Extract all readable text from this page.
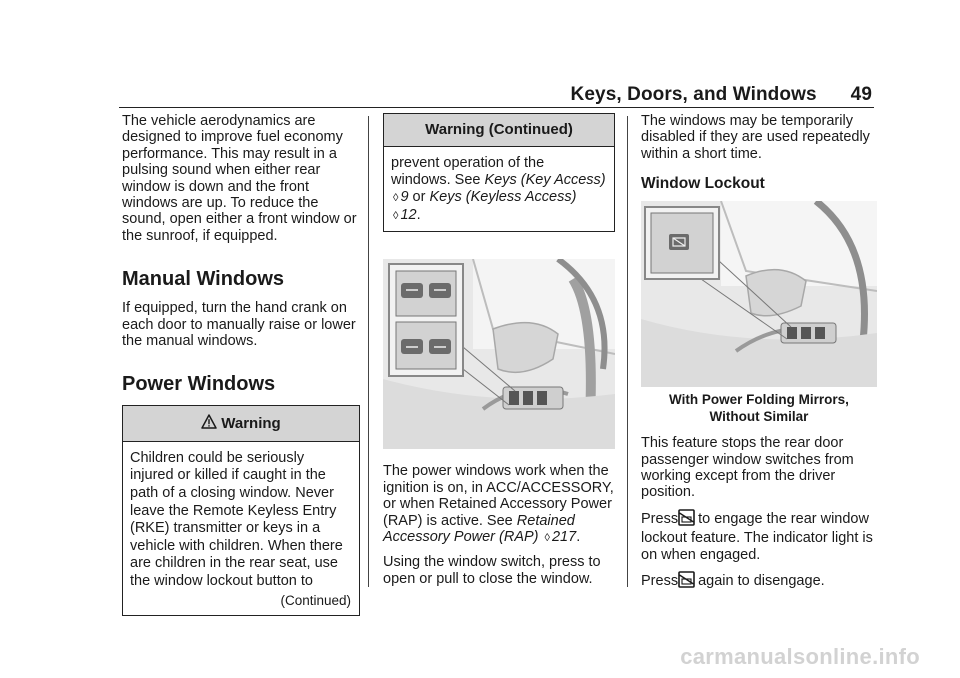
Keys, Doors, and Windows 49

The vehicle aerodynamics are designed to improve fuel economy performance. This may result in a pulsing sound when either rear window is down and the front windows are up. To reduce the sound, open either a front window or the sunroof, if equipped.

Manual Windows

If equipped, turn the hand crank on each door to manually raise or lower the manual windows.

Power Windows
Warning
Children could be seriously injured or killed if caught in the path of a closing window. Never leave the Remote Keyless Entry (RKE) transmitter or keys in a vehicle with children. When there are children in the rear seat, use the window lockout button to
(Continued)
Warning (Continued)
prevent operation of the windows. See Keys (Key Access) ◊ 9 or Keys (Keyless Access) ◊ 12.

The power windows work when the ignition is on, in ACC/ACCESSORY, or when Retained Accessory Power (RAP) is active. See Retained Accessory Power (RAP) ◊ 217.

Using the window switch, press to open or pull to close the window.

The windows may be temporarily disabled if they are used repeatedly within a short time.

Window Lockout
With Power Folding Mirrors,
Without Similar

This feature stops the rear door passenger window switches from working except from the driver position.

Press to engage the rear window lockout feature. The indicator light is on when engaged.

Press again to disengage.

carmanualsonline.info
